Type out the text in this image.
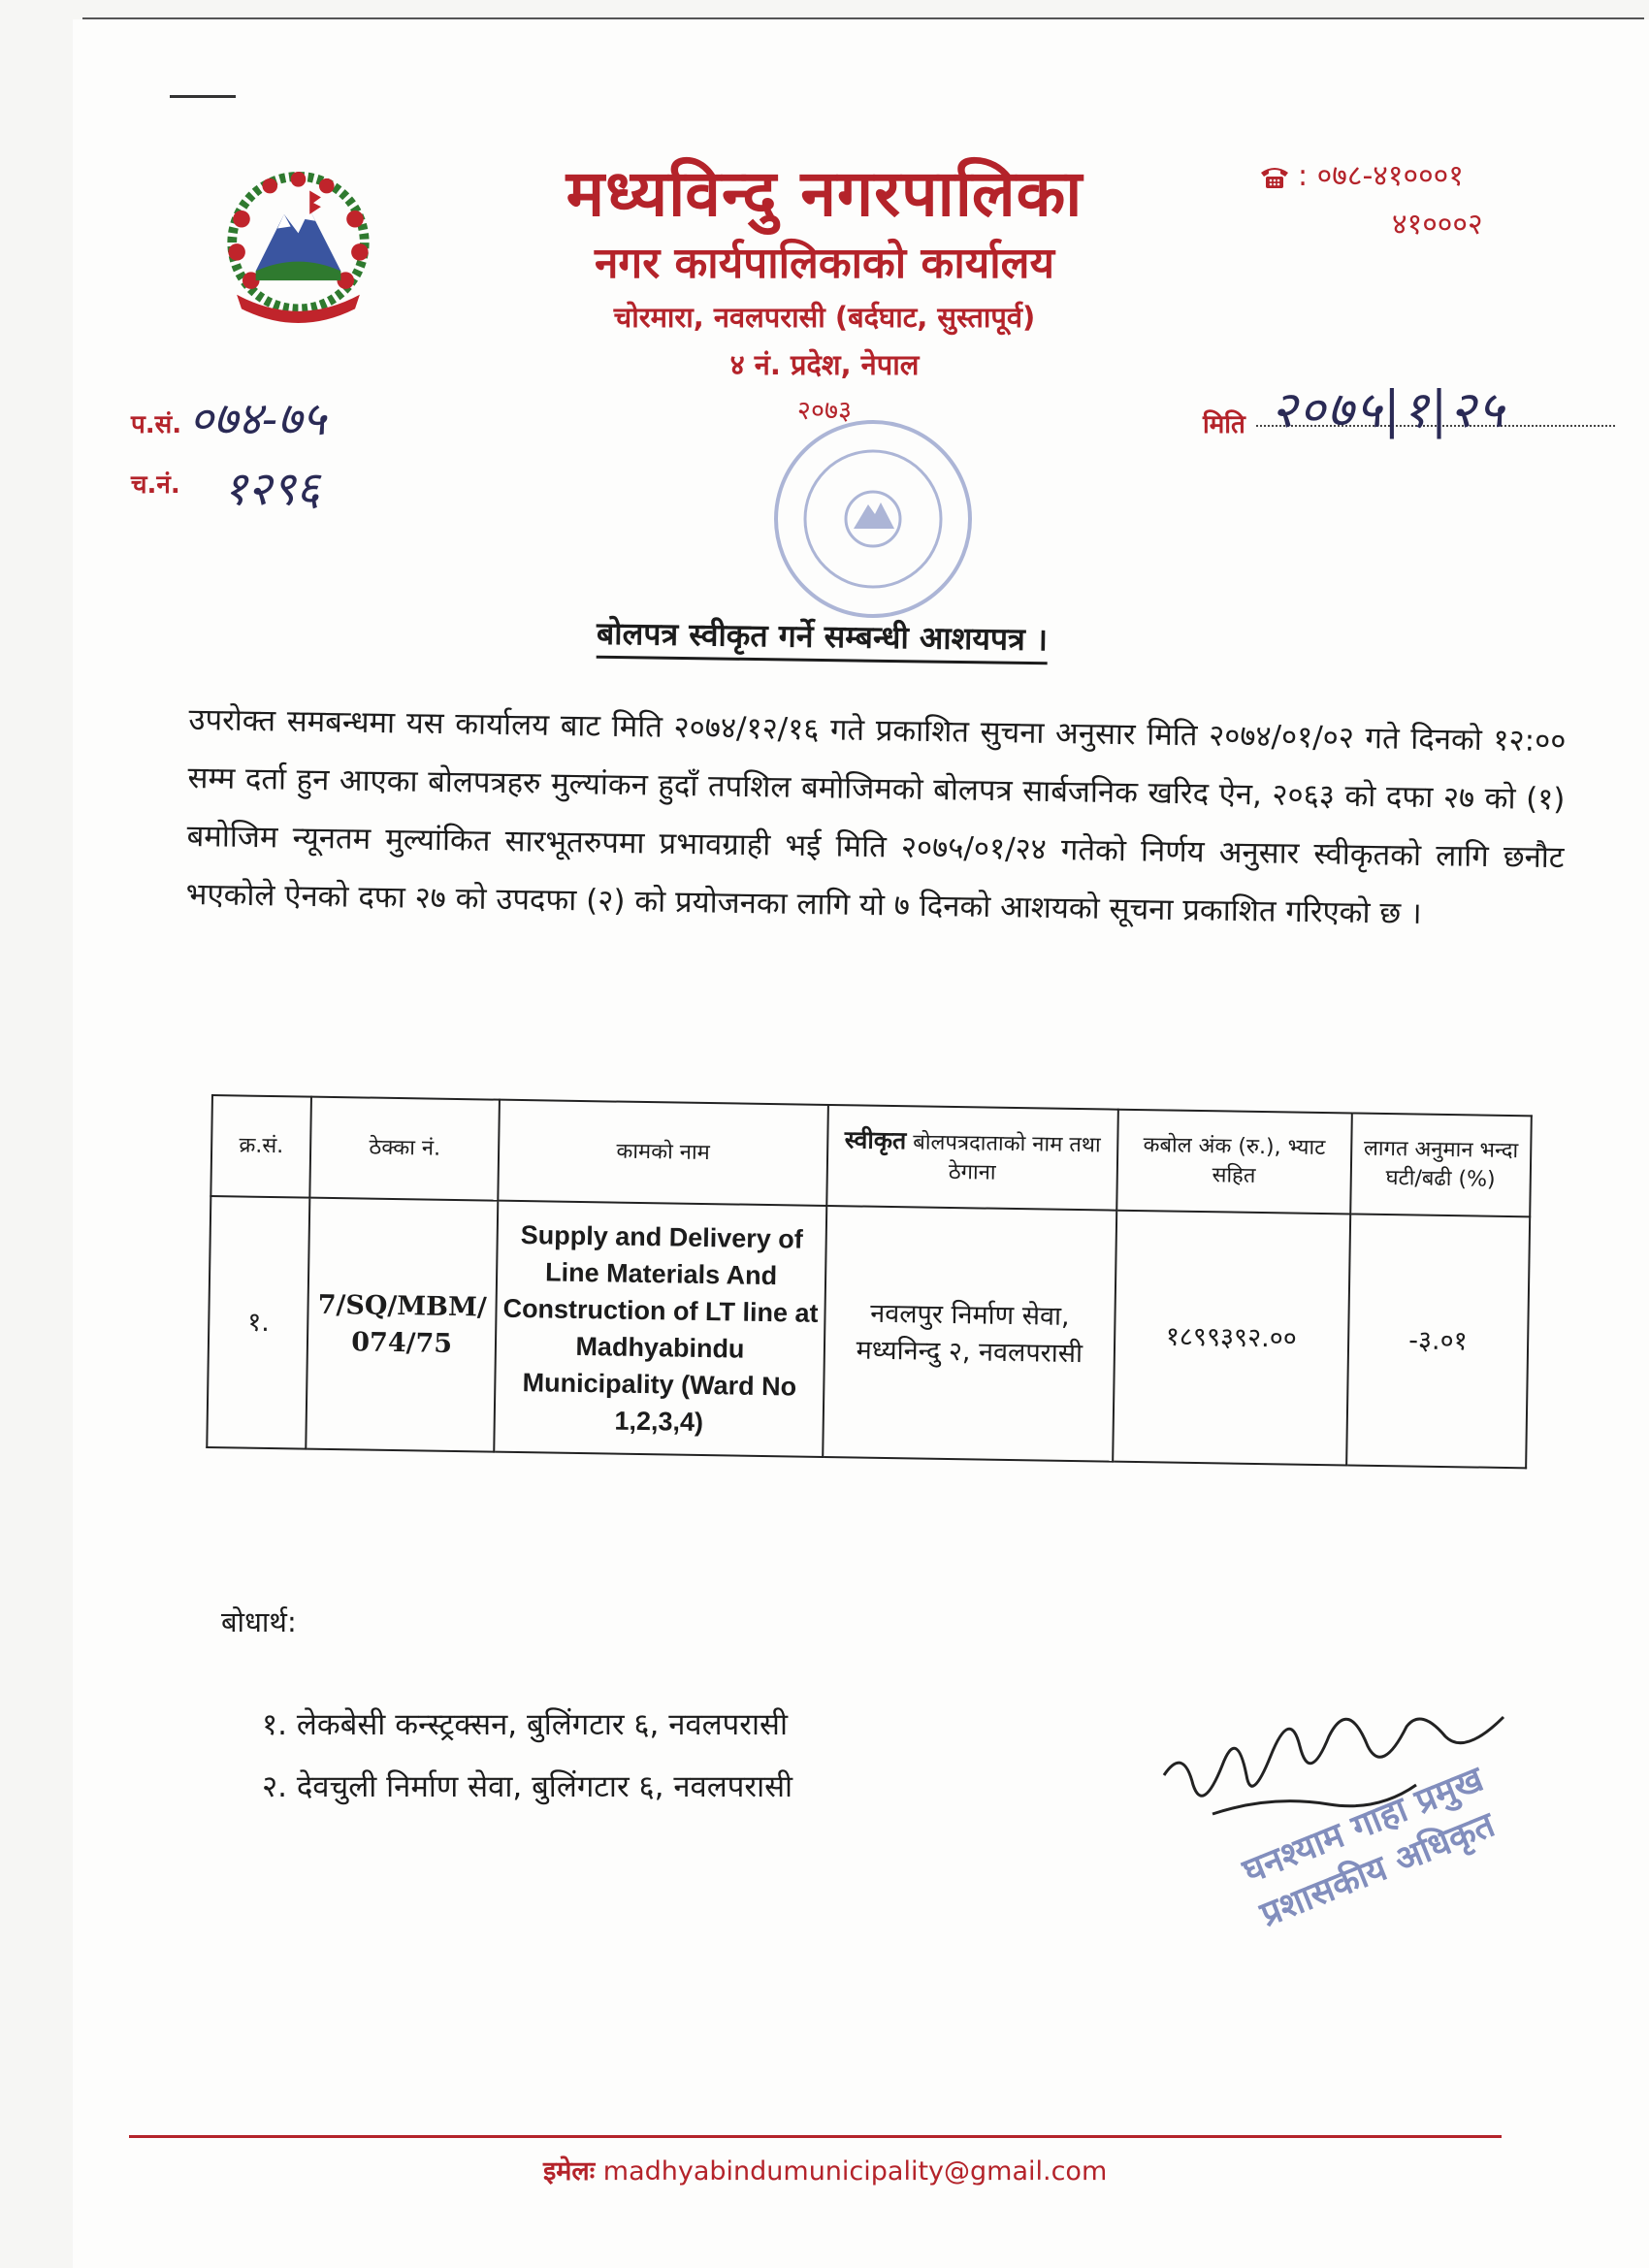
मध्यविन्दु नगरपालिका
नगर कार्यपालिकाको कार्यालय
चोरमारा, नवलपरासी (बर्दघाट, सुस्तापूर्व)
४ नं. प्रदेश, नेपाल
२०७३
: ०७८-४१०००१
४१०००२
प.सं. ०७४-७५
च.नं. १२९६
मिति २०७५|१|२५
बोलपत्र स्वीकृत गर्ने सम्बन्धी आशयपत्र ।
उपरोक्त समबन्धमा यस कार्यालय बाट मिति २०७४/१२/१६ गते प्रकाशित सुचना अनुसार मिति २०७४/०१/०२ गते दिनको १२:०० सम्म दर्ता हुन आएका बोलपत्रहरु मुल्यांकन हुदाँ तपशिल बमोजिमको बोलपत्र सार्बजनिक खरिद ऐन, २०६३ को दफा २७ को (१) बमोजिम न्यूनतम मुल्यांकित सारभूतरुपमा प्रभावग्राही भई मिति २०७५/०१/२४ गतेको निर्णय अनुसार स्वीकृतको लागि छनौट भएकोले ऐनको दफा २७ को उपदफा (२) को प्रयोजनका लागि यो ७ दिनको आशयको सूचना प्रकाशित गरिएको छ ।
क्र.सं.	ठेक्का नं.	कामको नाम	स्वीकृत बोलपत्रदाताको नाम तथा ठेगाना	कबोल अंक (रु.), भ्याट सहित	लागत अनुमान भन्दा घटी/बढी (%)
१.	7/SQ/MBM/ 074/75	Supply and Delivery of Line Materials And Construction of LT line at Madhyabindu Municipality (Ward No 1,2,3,4)	नवलपुर निर्माण सेवा, मध्यनिन्दु २, नवलपरासी	१८९९३९२.००	-३.०१
बोधार्थ:
१. लेकबेसी कन्स्ट्रक्सन, बुलिंगटार ६, नवलपरासी
२. देवचुली निर्माण सेवा, बुलिंगटार ६, नवलपरासी	घनश्याम गाहा प्रमुख प्रशासकीय अधिकृत
इमेलः madhyabindumunicipality@gmail.com
